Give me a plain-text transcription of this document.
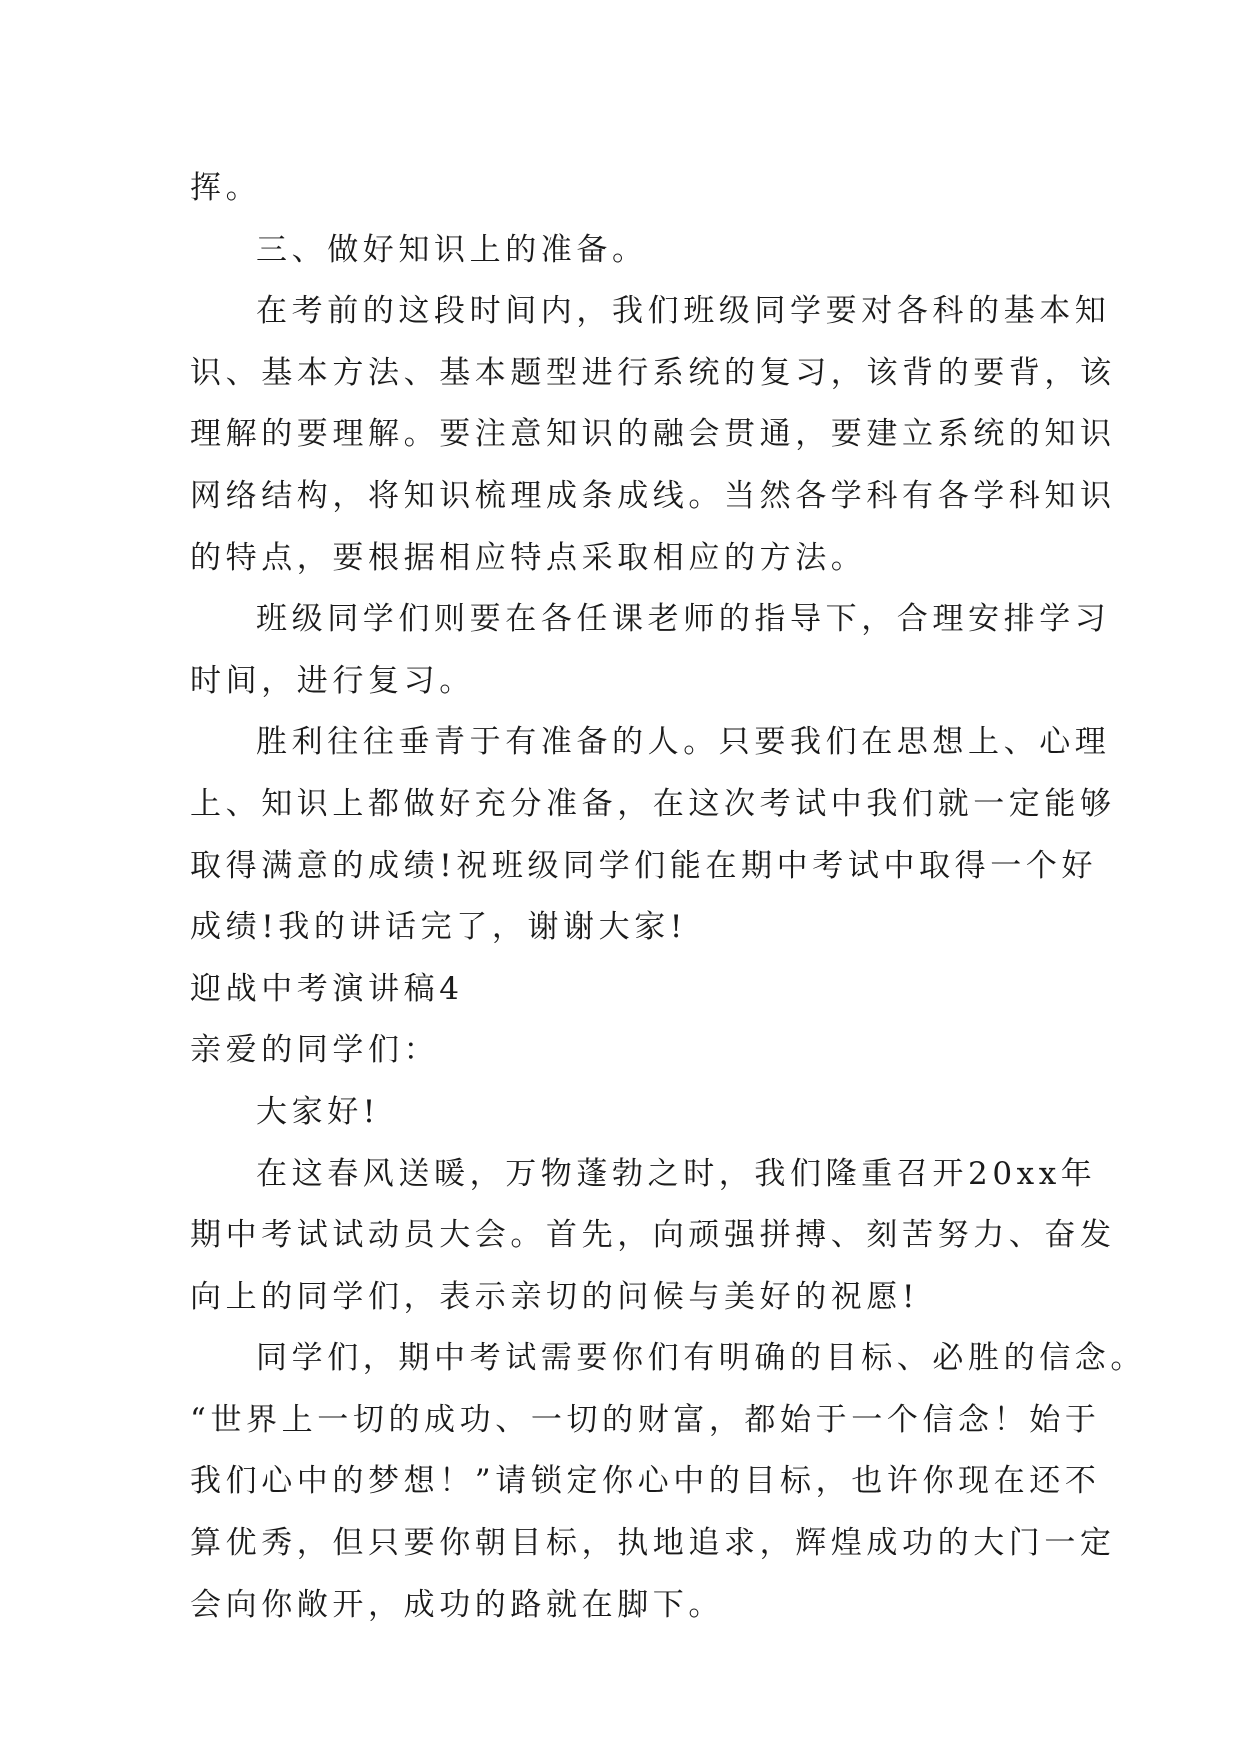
挥。
三、做好知识上的准备。
在考前的这段时间内，我们班级同学要对各科的基本知
识、基本方法、基本题型进行系统的复习，该背的要背，该
理解的要理解。要注意知识的融会贯通，要建立系统的知识
网络结构，将知识梳理成条成线。当然各学科有各学科知识
的特点，要根据相应特点采取相应的方法。
班级同学们则要在各任课老师的指导下，合理安排学习
时间，进行复习。
胜利往往垂青于有准备的人。只要我们在思想上、心理
上、知识上都做好充分准备，在这次考试中我们就一定能够
取得满意的成绩!祝班级同学们能在期中考试中取得一个好
成绩!我的讲话完了，谢谢大家!
迎战中考演讲稿4
亲爱的同学们：
大家好!
在这春风送暖，万物蓬勃之时，我们隆重召开20xx年
期中考试试动员大会。首先，向顽强拼搏、刻苦努力、奋发
向上的同学们，表示亲切的问候与美好的祝愿!
同学们，期中考试需要你们有明确的目标、必胜的信念。
“世界上一切的成功、一切的财富，都始于一个信念！始于
我们心中的梦想！”请锁定你心中的目标，也许你现在还不
算优秀，但只要你朝目标，执地追求，辉煌成功的大门一定
会向你敞开，成功的路就在脚下。
